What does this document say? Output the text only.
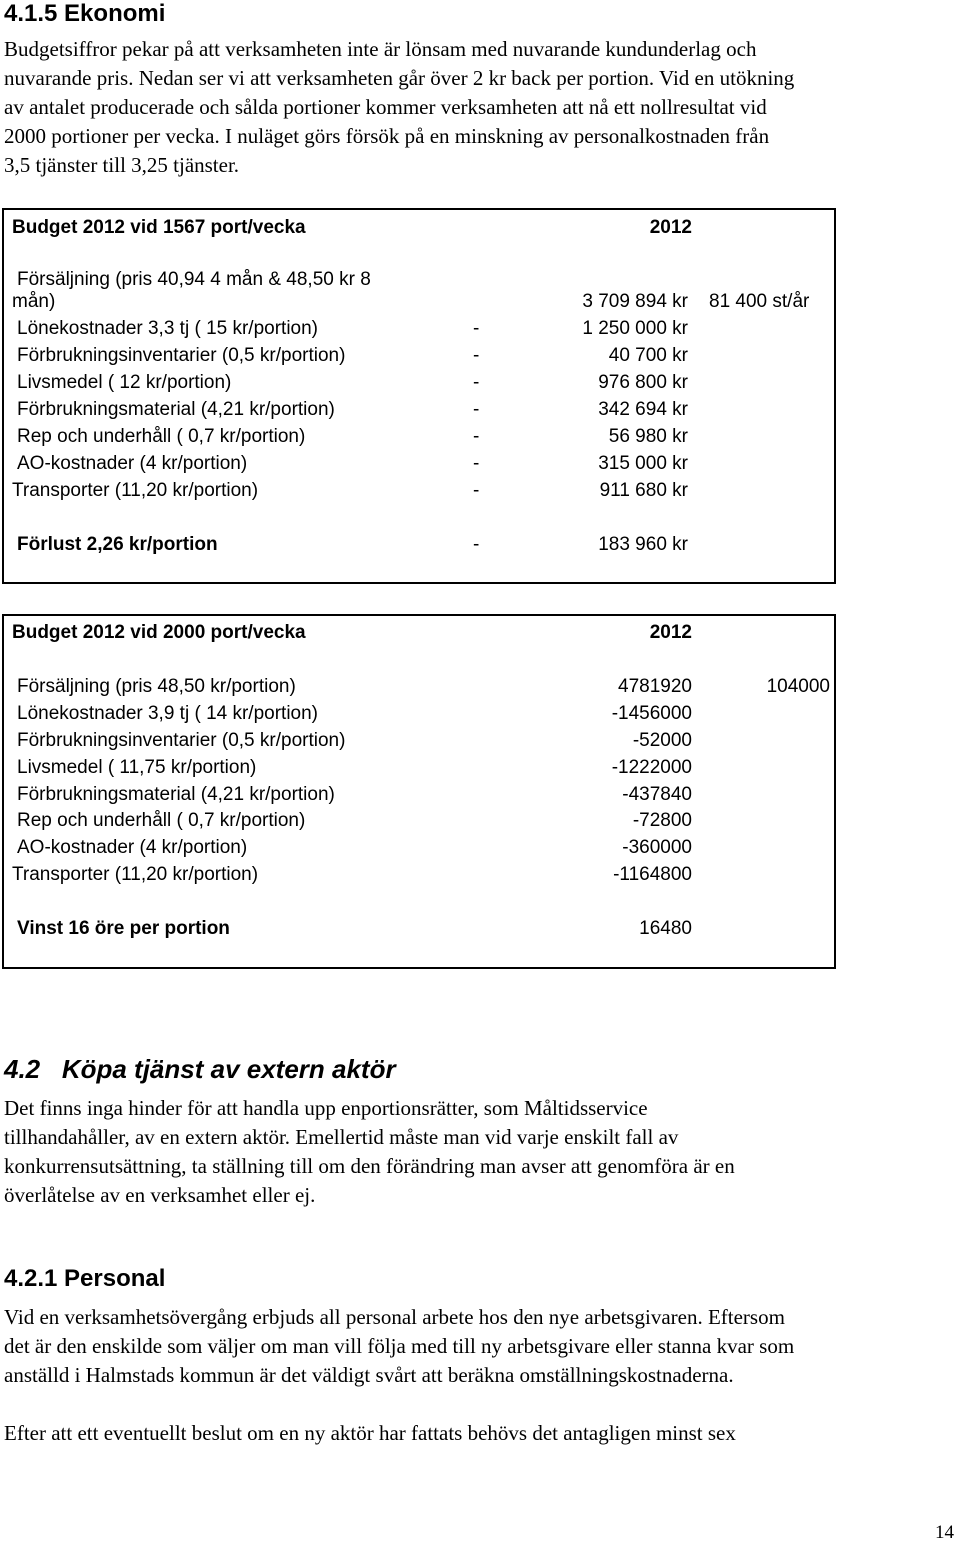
4.1.5 Ekonomi
Budgetsiffror pekar på att verksamheten inte är lönsam med nuvarande kundunderlag och
nuvarande pris. Nedan ser vi att verksamheten går över 2 kr back per portion. Vid en utökning
av antalet producerade och sålda portioner kommer verksamheten att nå ett nollresultat vid
2000 portioner per vecka. I nuläget görs försök på en minskning av personalkostnaden från
3,5 tjänster till 3,25 tjänster.
Budget 2012 vid 1567 port/vecka	2012
Försäljning (pris 40,94 4 mån & 48,50 kr 8
mån)	3 709 894 kr 81 400 st/år
Lönekostnader 3,3 tj ( 15 kr/portion)	-	1 250 000 kr
Förbrukningsinventarier (0,5 kr/portion)	-	40 700 kr
Livsmedel ( 12 kr/portion)	-	976 800 kr
Förbrukningsmaterial (4,21 kr/portion)	-	342 694 kr
Rep och underhåll ( 0,7 kr/portion)	-	56 980 kr
AO-kostnader (4 kr/portion)	-	315 000 kr
Transporter (11,20 kr/portion)	-	911 680 kr
Förlust 2,26 kr/portion	-	183 960 kr
Budget 2012 vid 2000 port/vecka	2012
Försäljning (pris 48,50 kr/portion)	4781920	104000
Lönekostnader 3,9 tj ( 14 kr/portion)	-1456000
Förbrukningsinventarier (0,5 kr/portion)	-52000
Livsmedel ( 11,75 kr/portion)	-1222000
Förbrukningsmaterial (4,21 kr/portion)	-437840
Rep och underhåll ( 0,7 kr/portion)	-72800
AO-kostnader (4 kr/portion)	-360000
Transporter (11,20 kr/portion)	-1164800
Vinst 16 öre per portion	16480
4.2   Köpa tjänst av extern aktör
Det finns inga hinder för att handla upp enportionsrätter, som Måltidsservice
tillhandahåller, av en extern aktör. Emellertid måste man vid varje enskilt fall av
konkurrensutsättning, ta ställning till om den förändring man avser att genomföra är en
överlåtelse av en verksamhet eller ej.
4.2.1 Personal
Vid en verksamhetsövergång erbjuds all personal arbete hos den nye arbetsgivaren. Eftersom
det är den enskilde som väljer om man vill följa med till ny arbetsgivare eller stanna kvar som
anställd i Halmstads kommun är det väldigt svårt att beräkna omställningskostnaderna.
Efter att ett eventuellt beslut om en ny aktör har fattats behövs det antagligen minst sex
14
